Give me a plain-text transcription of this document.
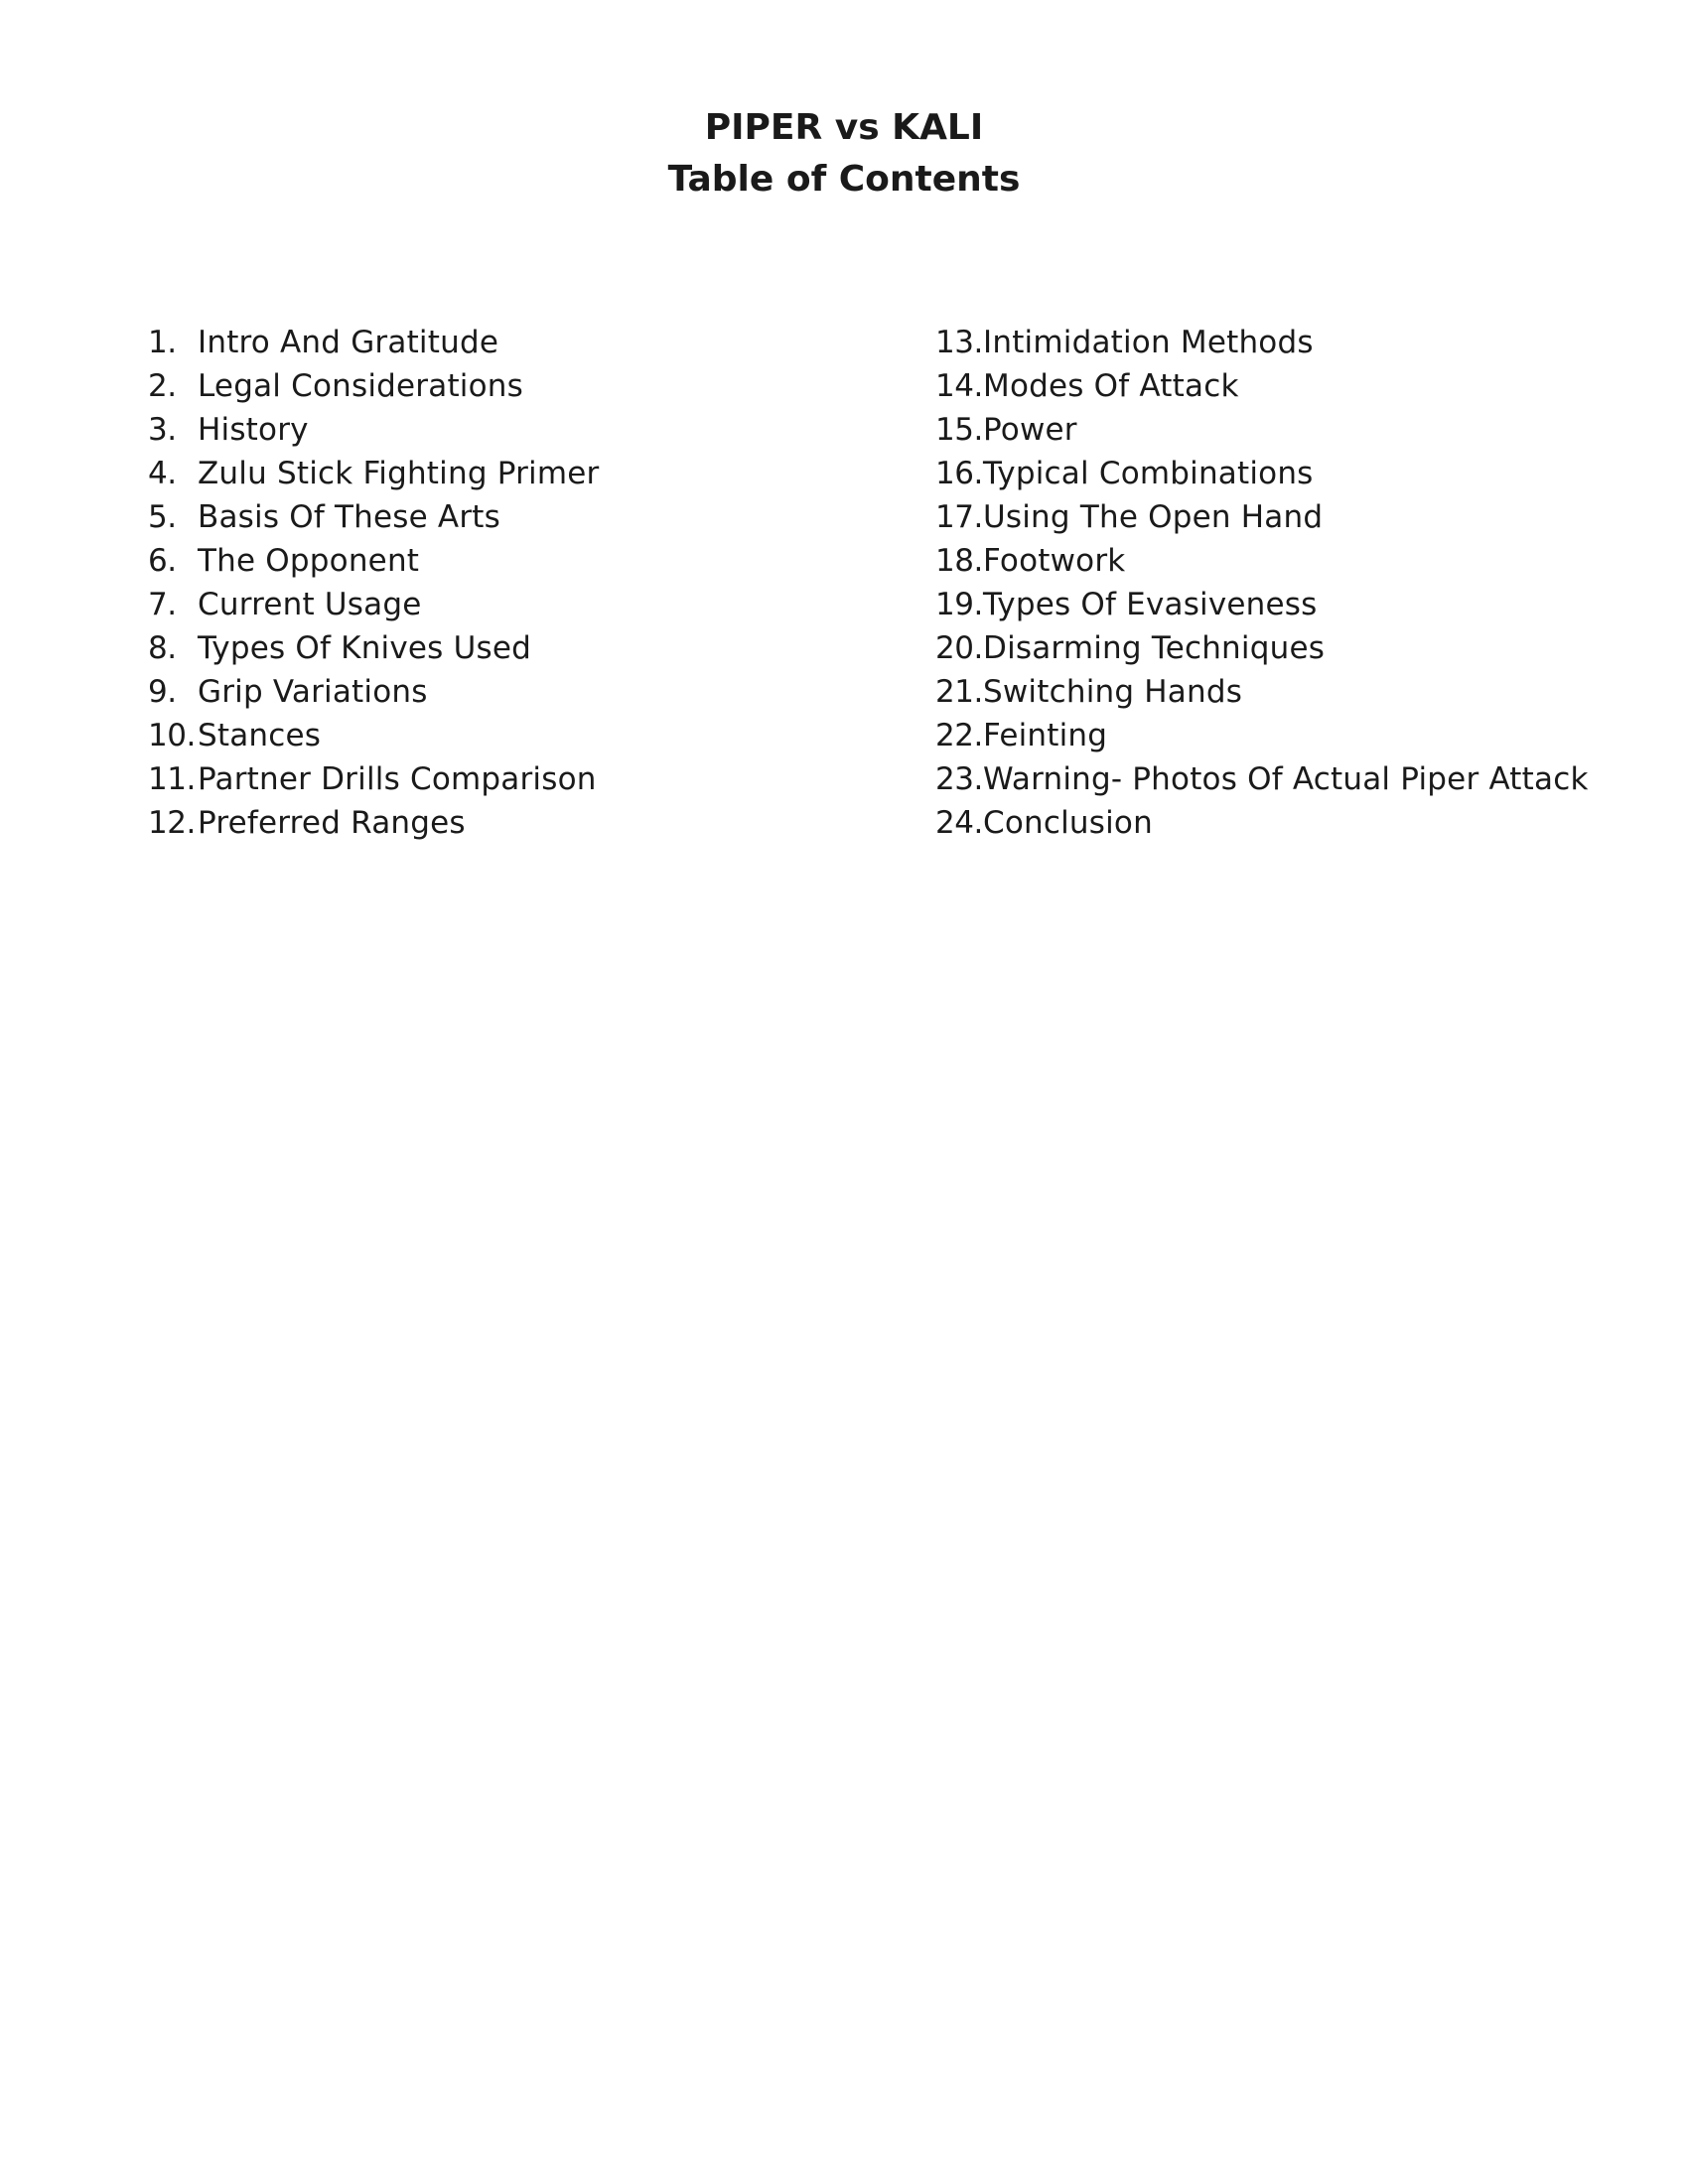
PIPER vs KALI
Table of Contents
1. Intro And Gratitude
2. Legal Considerations
3. History
4. Zulu Stick Fighting Primer
5. Basis Of These Arts
6. The Opponent
7. Current Usage
8. Types Of Knives Used
9. Grip Variations
10. Stances
11. Partner Drills Comparison
12. Preferred Ranges
13. Intimidation Methods
14. Modes Of Attack
15. Power
16. Typical Combinations
17. Using The Open Hand
18. Footwork
19. Types Of Evasiveness
20. Disarming Techniques
21. Switching Hands
22. Feinting
23. Warning- Photos Of Actual Piper Attack
24. Conclusion
